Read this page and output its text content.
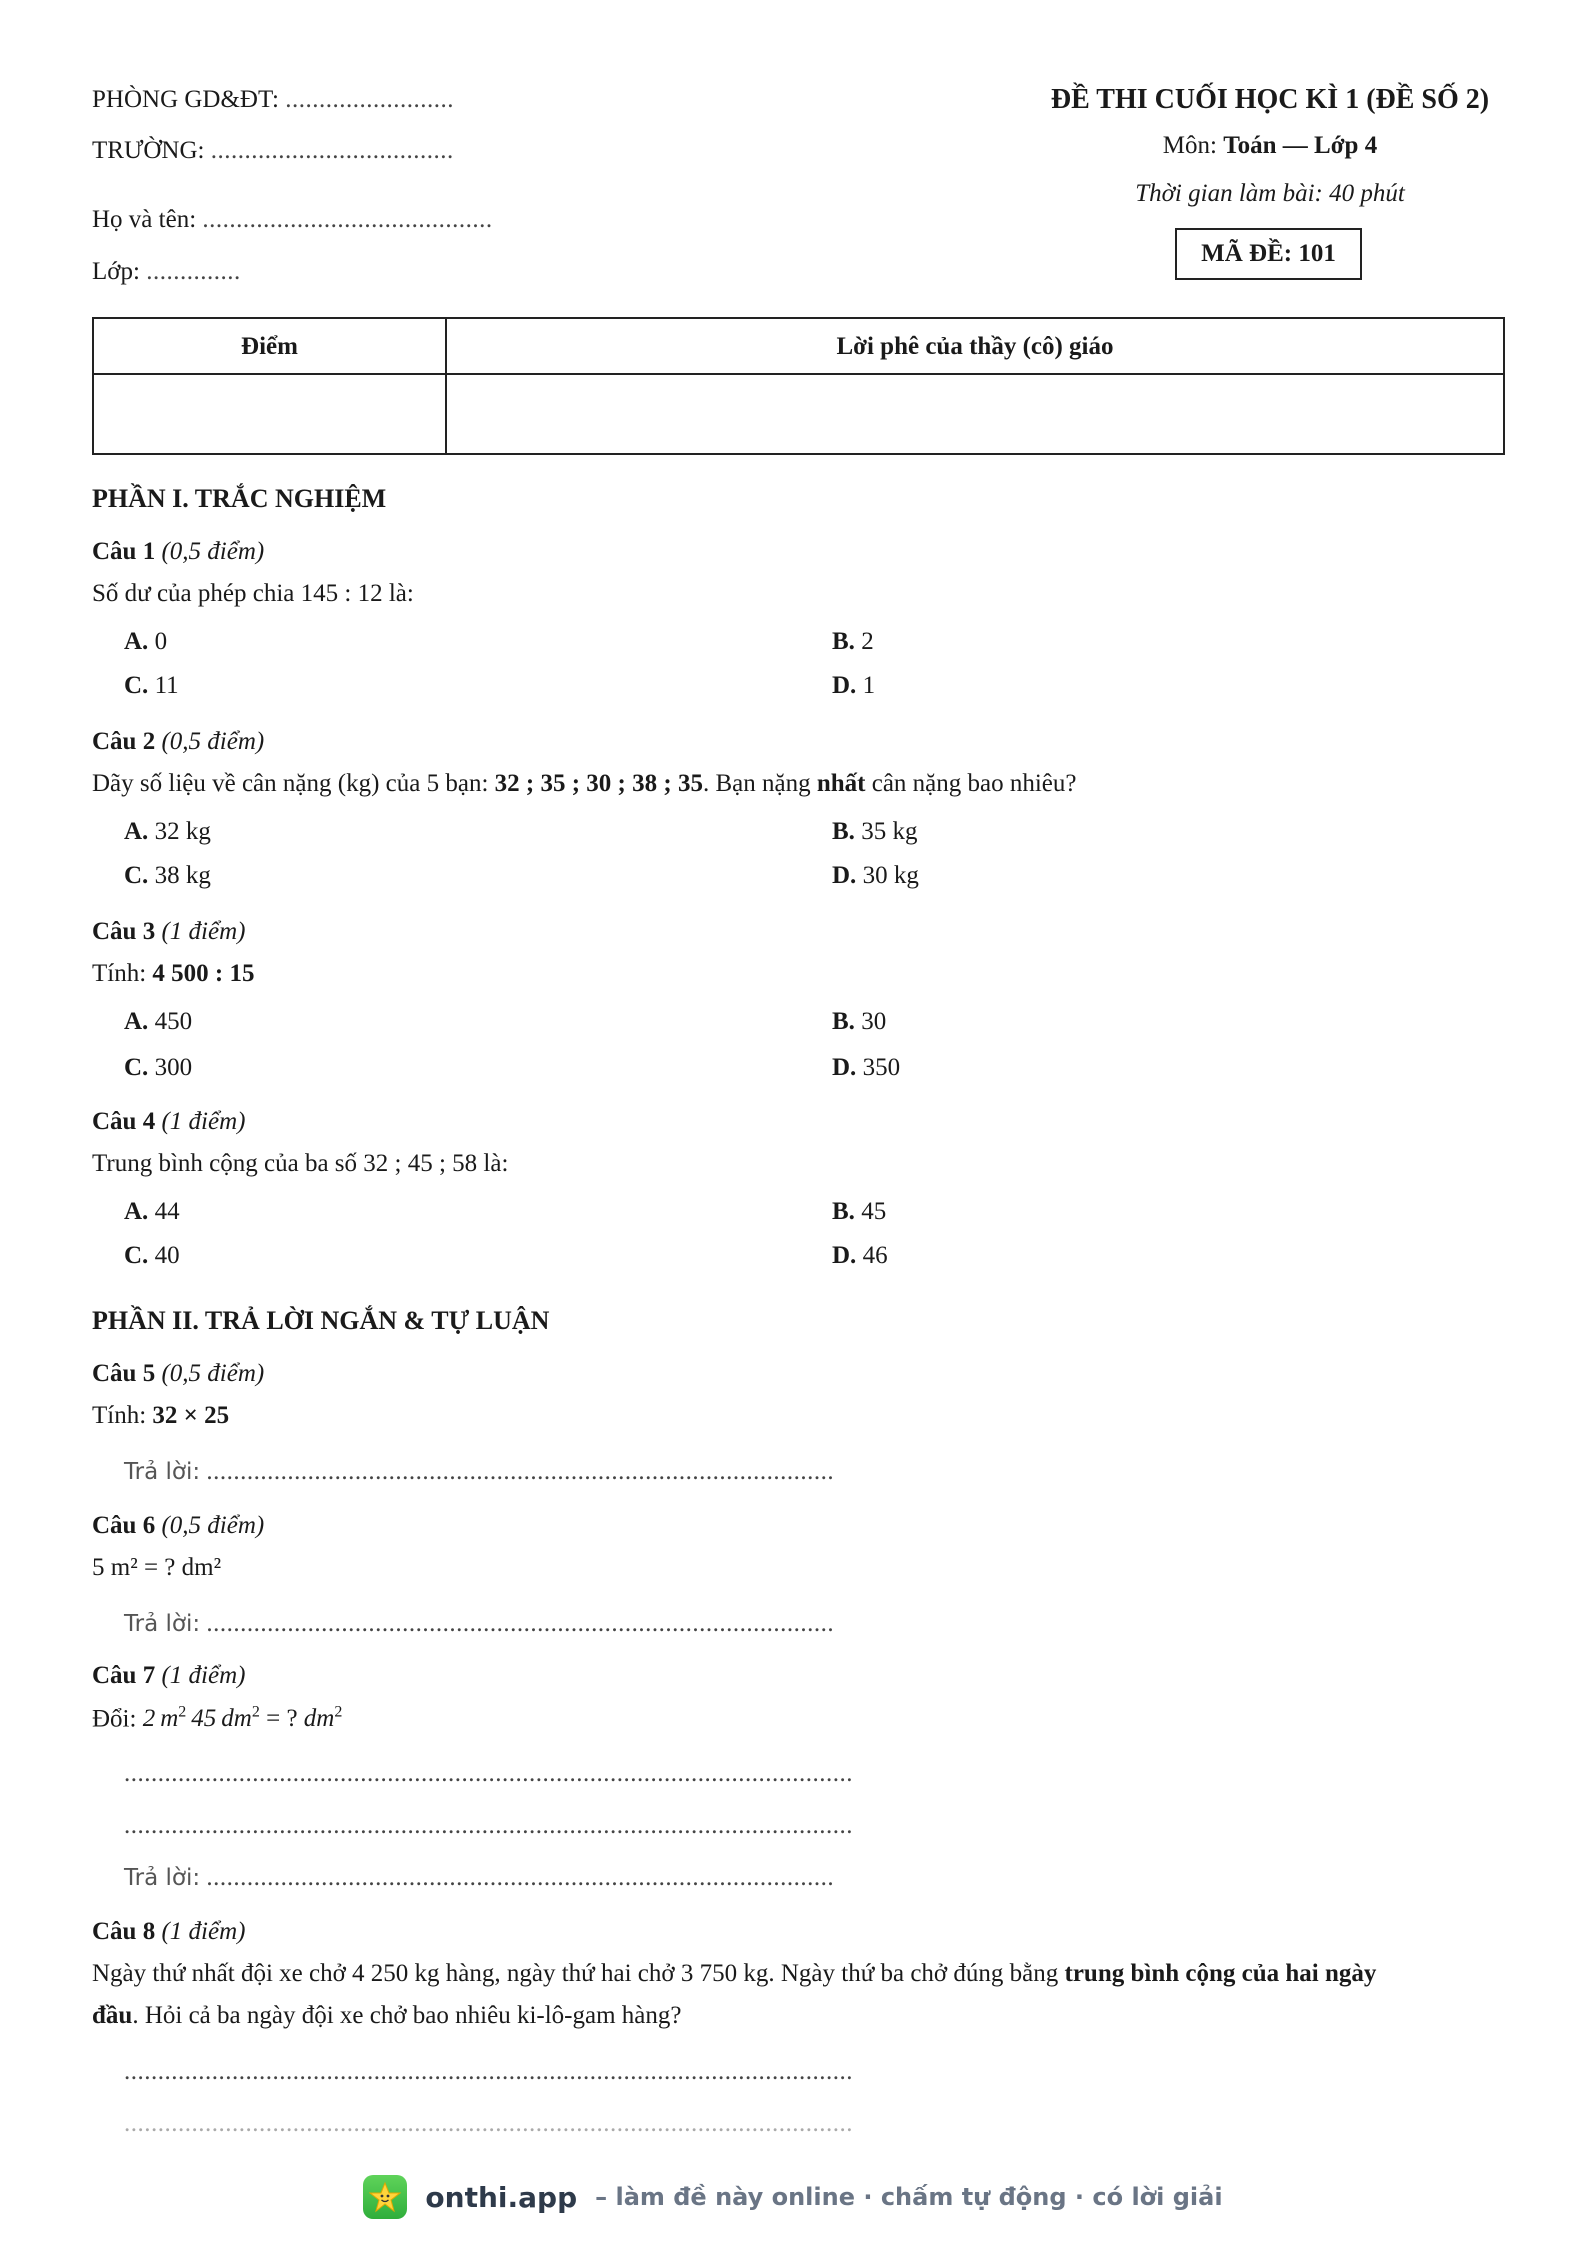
PHÒNG GD&ĐT: .........................
TRƯỜNG: ....................................
Họ và tên: ...........................................
Lớp: ..............
ĐỀ THI CUỐI HỌC KÌ 1 (ĐỀ SỐ 2)
Môn: Toán — Lớp 4
Thời gian làm bài: 40 phút
MÃ ĐỀ: 101
Điểm	Lời phê của thầy (cô) giáo
PHẦN I. TRẮC NGHIỆM
Câu 1 (0,5 điểm)
Số dư của phép chia 145 : 12 là:
A. 0	B. 2
C. 11	D. 1
Câu 2 (0,5 điểm)
Dãy số liệu về cân nặng (kg) của 5 bạn: 32 ; 35 ; 30 ; 38 ; 35. Bạn nặng nhất cân nặng bao nhiêu?
A. 32 kg	B. 35 kg
C. 38 kg	D. 30 kg
Câu 3 (1 điểm)
Tính: 4 500 : 15
A. 450	B. 30
C. 300	D. 350
Câu 4 (1 điểm)
Trung bình cộng của ba số 32 ; 45 ; 58 là:
A. 44	B. 45
C. 40	D. 46
PHẦN II. TRẢ LỜI NGẮN & TỰ LUẬN
Câu 5 (0,5 điểm)
Tính: 32 × 25
Trả lời: .............................................................................................
Câu 6 (0,5 điểm)
5 m² = ? dm²
Trả lời: .............................................................................................
Câu 7 (1 điểm)
Đổi: 2 $m^2$ 45 $dm^2$ = ? $dm^2$
............................................................................................................
............................................................................................................
Trả lời: .............................................................................................
Câu 8 (1 điểm)
Ngày thứ nhất đội xe chở 4 250 kg hàng, ngày thứ hai chở 3 750 kg. Ngày thứ ba chở đúng bằng trung bình cộng của hai ngày
đầu. Hỏi cả ba ngày đội xe chở bao nhiêu ki-lô-gam hàng?
............................................................................................................
............................................................................................................
onthi.app – làm đề này online · chấm tự động · có lời giải
